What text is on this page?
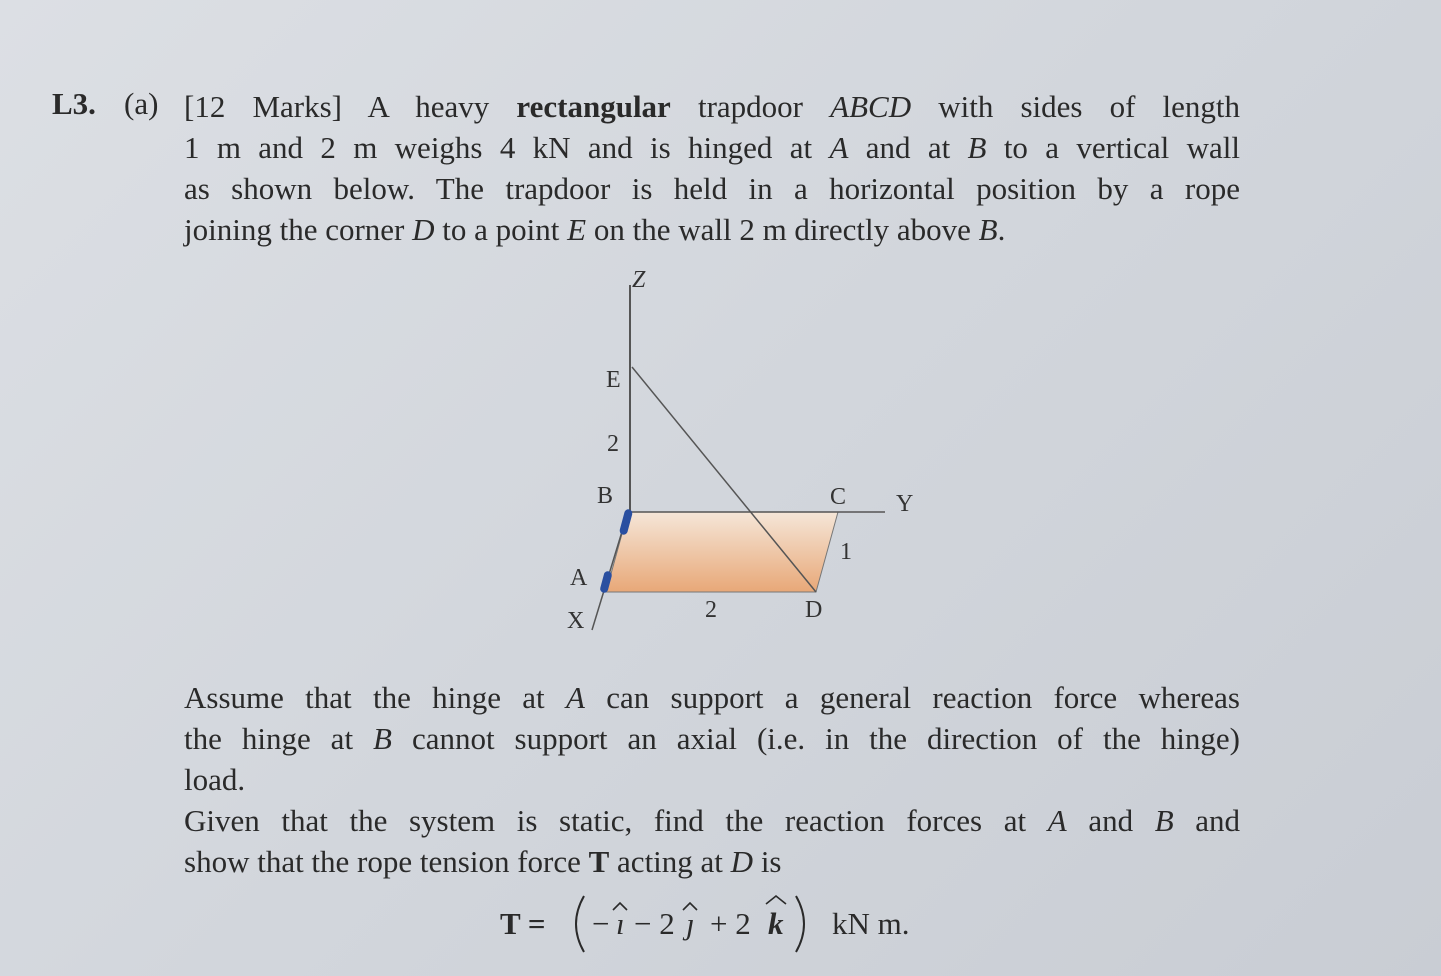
L3. (a) [12 Marks] A heavy rectangular trapdoor ABCD with sides of length
1 m and 2 m weighs 4 kN and is hinged at A and at B to a vertical wall
as shown below. The trapdoor is held in a horizontal position by a rope
joining the corner D to a point E on the wall 2 m directly above B.
Z
E
2
B	C Y
1
A
X	2	D
Assume that the hinge at A can support a general reaction force whereas
the hinge at B cannot support an axial (i.e. in the direction of the hinge)
load.
Given that the system is static, find the reaction forces at A and B and
show that the rope tension force T acting at D is
T = − ı − 2 ȷ + 2 k kN m.
